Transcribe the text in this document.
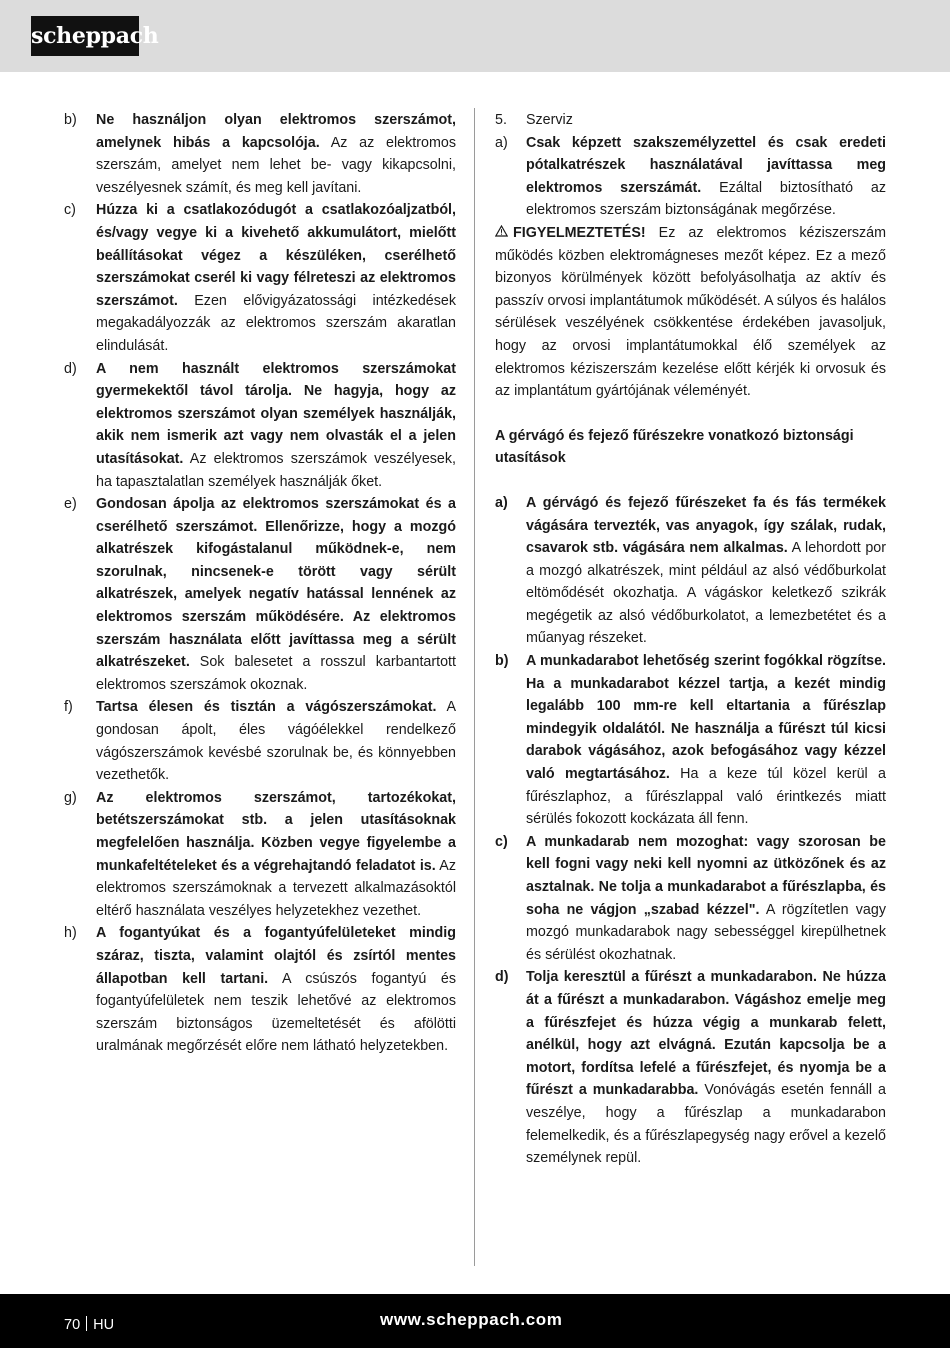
scheppach
b)	Ne használjon olyan elektromos szerszámot, amelynek hibás a kapcsolója. Az az elektromos szerszám, amelyet nem lehet be- vagy kikapcsolni, veszélyesnek számít, és meg kell javítani.
c)	Húzza ki a csatlakozódugót a csatlakozóaljzatból, és/vagy vegye ki a kivehető akkumulátort, mielőtt beállításokat végez a készüléken, cserélhető szerszámokat cserél ki vagy félreteszi az elektromos szerszámot. Ezen elővigyázatossági intézkedések megakadályozzák az elektromos szerszám akaratlan elindulását.
d)	A nem használt elektromos szerszámokat gyermekektől távol tárolja. Ne hagyja, hogy az elektromos szerszámot olyan személyek használják, akik nem ismerik azt vagy nem olvasták el a jelen utasításokat. Az elektromos szerszámok veszélyesek, ha tapasztalatlan személyek használják őket.
e)	Gondosan ápolja az elektromos szerszámokat és a cserélhető szerszámot. Ellenőrizze, hogy a mozgó alkatrészek kifogástalanul működnek-e, nem szorulnak, nincsenek-e törött vagy sérült alkatrészek, amelyek negatív hatással lennének az elektromos szerszám működésére. Az elektromos szerszám használata előtt javíttassa meg a sérült alkatrészeket. Sok balesetet a rosszul karbantartott elektromos szerszámok okoznak.
f)	Tartsa élesen és tisztán a vágószerszámokat. A gondosan ápolt, éles vágóélekkel rendelkező vágószerszámok kevésbé szorulnak be, és könnyebben vezethetők.
g)	Az elektromos szerszámot, tartozékokat, betétszerszámokat stb. a jelen utasításoknak megfelelően használja. Közben vegye figyelembe a munkafeltételeket és a végrehajtandó feladatot is. Az elektromos szerszámoknak a tervezett alkalmazásoktól eltérő használata veszélyes helyzetekhez vezethet.
h)	A fogantyúkat és a fogantyúfelületeket mindig száraz, tiszta, valamint olajtól és zsírtól mentes állapotban kell tartani. A csúszós fogantyú és fogantyúfelületek nem teszik lehetővé az elektromos szerszám biztonságos üzemeltetését és afölötti uralmának megőrzését előre nem látható helyzetekben.
5.	Szerviz
a)	Csak képzett szakszemélyzettel és csak eredeti pótalkatrészek használatával javíttassa meg elektromos szerszámát. Ezáltal biztosítható az elektromos szerszám biztonságának megőrzése.
FIGYELMEZTETÉS! Ez az elektromos kéziszerszám működés közben elektromágneses mezőt képez. Ez a mező bizonyos körülmények között befolyásolhatja az aktív és passzív orvosi implantátumok működését. A súlyos és halálos sérülések veszélyének csökkentése érdekében javasoljuk, hogy az orvosi implantátumokkal élő személyek az elektromos kéziszerszám kezelése előtt kérjék ki orvosuk és az implantátum gyártójának véleményét.
A gérvágó és fejező fűrészekre vonatkozó biztonsági utasítások
a)	A gérvágó és fejező fűrészeket fa és fás termékek vágására tervezték, vas anyagok, így szálak, rudak, csavarok stb. vágására nem alkalmas. A lehordott por a mozgó alkatrészek, mint például az alsó védőburkolat eltömődését okozhatja. A vágáskor keletkező szikrák megégetik az alsó védőburkolatot, a lemezbetétet és a műanyag részeket.
b)	A munkadarabot lehetőség szerint fogókkal rögzítse. Ha a munkadarabot kézzel tartja, a kezét mindig legalább 100 mm-re kell eltartania a fűrészlap mindegyik oldalától. Ne használja a fűrészt túl kicsi darabok vágásához, azok befogásához vagy kézzel való megtartásához. Ha a keze túl közel kerül a fűrészlaphoz, a fűrészlappal való érintkezés miatt sérülés fokozott kockázata áll fenn.
c)	A munkadarab nem mozoghat: vagy szorosan be kell fogni vagy neki kell nyomni az ütközőnek és az asztalnak. Ne tolja a munkadarabot a fűrészlapba, és soha ne vágjon „szabad kézzel". A rögzítetlen vagy mozgó munkadarabok nagy sebességgel kirepülhetnek és sérülést okozhatnak.
d)	Tolja keresztül a fűrészt a munkadarabon. Ne húzza át a fűrészt a munkadarabon. Vágáshoz emelje meg a fűrészfejet és húzza végig a munkarab felett, anélkül, hogy azt elvágná. Ezután kapcsolja be a motort, fordítsa lefelé a fűrészfejet, és nyomja be a fűrészt a munkadarabba. Vonóvágás esetén fennáll a veszélye, hogy a fűrészlap a munkadarabon felemelkedik, és a fűrészlapegység nagy erővel a kezelő személynek repül.
70 HU	www.scheppach.com
